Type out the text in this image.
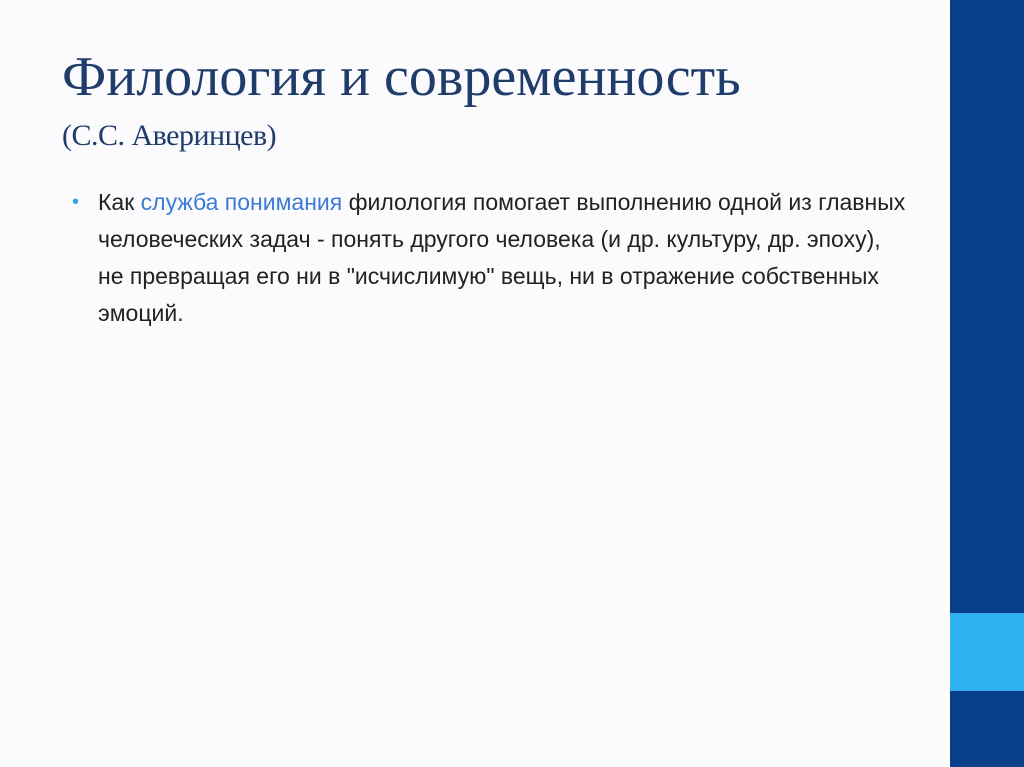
Филология и современность

(С.С. Аверинцев)

• Как служба понимания филология помогает выполнению одной из главных человеческих задач - понять другого человека (и др. культуру, др. эпоху), не превращая его ни в "исчислимую" вещь, ни в отражение собственных эмоций.
